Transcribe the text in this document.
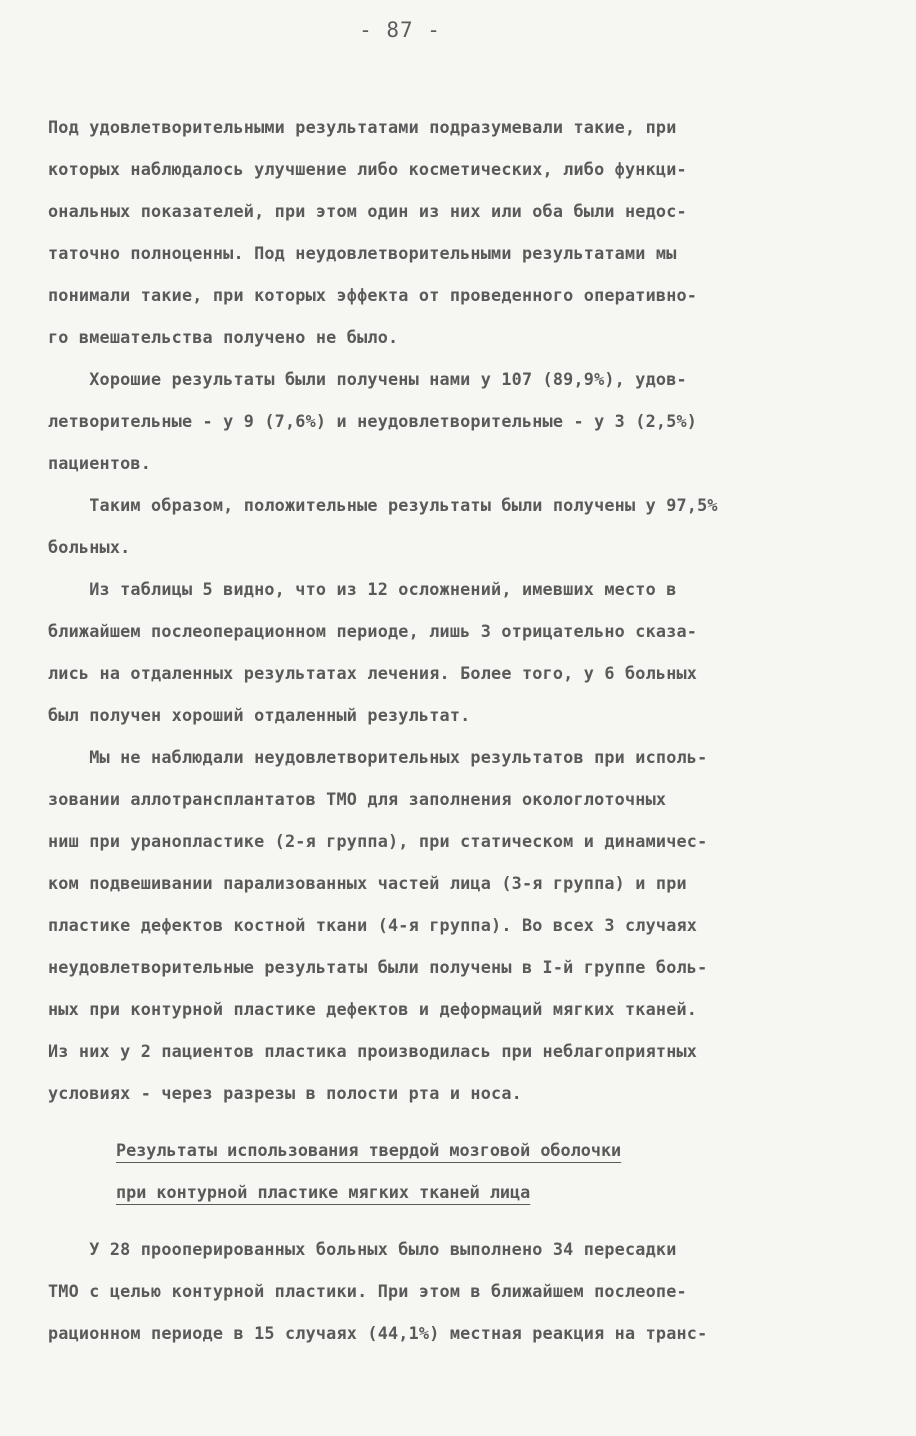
- 87 -
Под удовлетворительными результатами подразумевали такие, при
которых наблюдалось улучшение либо косметических, либо функци-
ональных показателей, при этом один из них или оба были недос-
таточно полноценны. Под неудовлетворительными результатами мы
понимали такие, при которых эффекта от проведенного оперативно-
го вмешательства получено не было.
Хорошие результаты были получены нами у 107 (89,9%), удов-
летворительные - у 9 (7,6%) и неудовлетворительные - у 3 (2,5%)
пациентов.
Таким образом, положительные результаты были получены у 97,5%
больных.
Из таблицы 5 видно, что из 12 осложнений, имевших место в
ближайшем послеоперационном периоде, лишь 3 отрицательно сказа-
лись на отдаленных результатах лечения. Более того, у 6 больных
был получен хороший отдаленный результат.
Мы не наблюдали неудовлетворительных результатов при исполь-
зовании аллотрансплантатов ТМО для заполнения окологлоточных
ниш при уранопластике (2-я группа), при статическом и динамичес-
ком подвешивании парализованных частей лица (3-я группа) и при
пластике дефектов костной ткани (4-я группа). Во всех 3 случаях
неудовлетворительные результаты были получены в I-й группе боль-
ных при контурной пластике дефектов и деформаций мягких тканей.
Из них у 2 пациентов пластика производилась при неблагоприятных
условиях - через разрезы в полости рта и носа.
Результаты использования твердой мозговой оболочки
при контурной пластике мягких тканей лица
У 28 прооперированных больных было выполнено 34 пересадки
ТМО с целью контурной пластики. При этом в ближайшем послеопе-
рационном периоде в 15 случаях (44,1%) местная реакция на транс-
